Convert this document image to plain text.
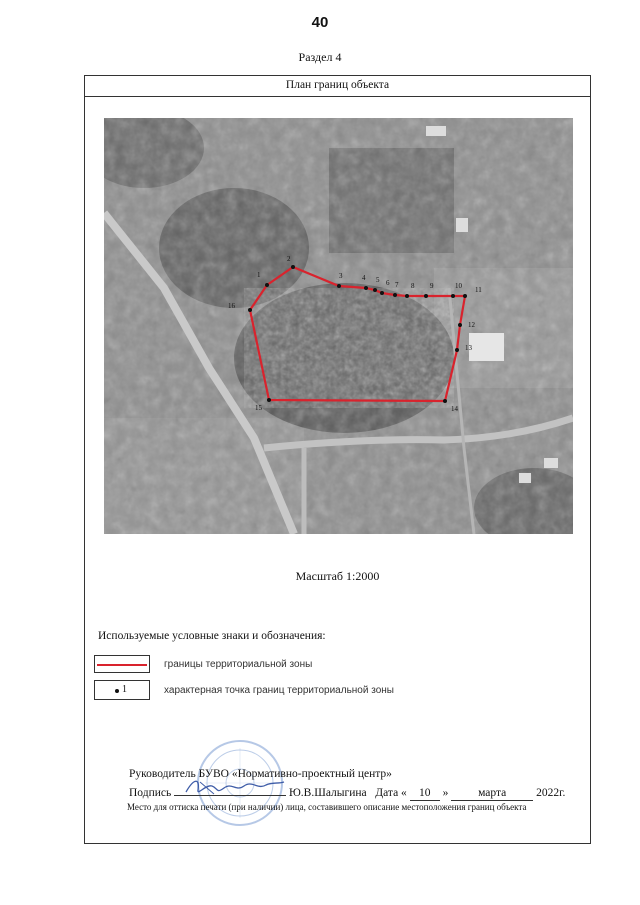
40
Раздел 4
План границ объекта
1
2
3	4 5 6 7 8 9	10 11
12
13
14
15
16
Масштаб 1:2000
Используемые условные знаки и обозначения:
границы территориальной зоны
1	характерная точка границ территориальной зоны
Руководитель БУВО «Нормативно-проектный центр»
Подпись	Ю.В.Шалыгина Дата « 10 »	марта	2022г.
Место для оттиска печати (при наличии) лица, составившего описание местоположения границ объекта
